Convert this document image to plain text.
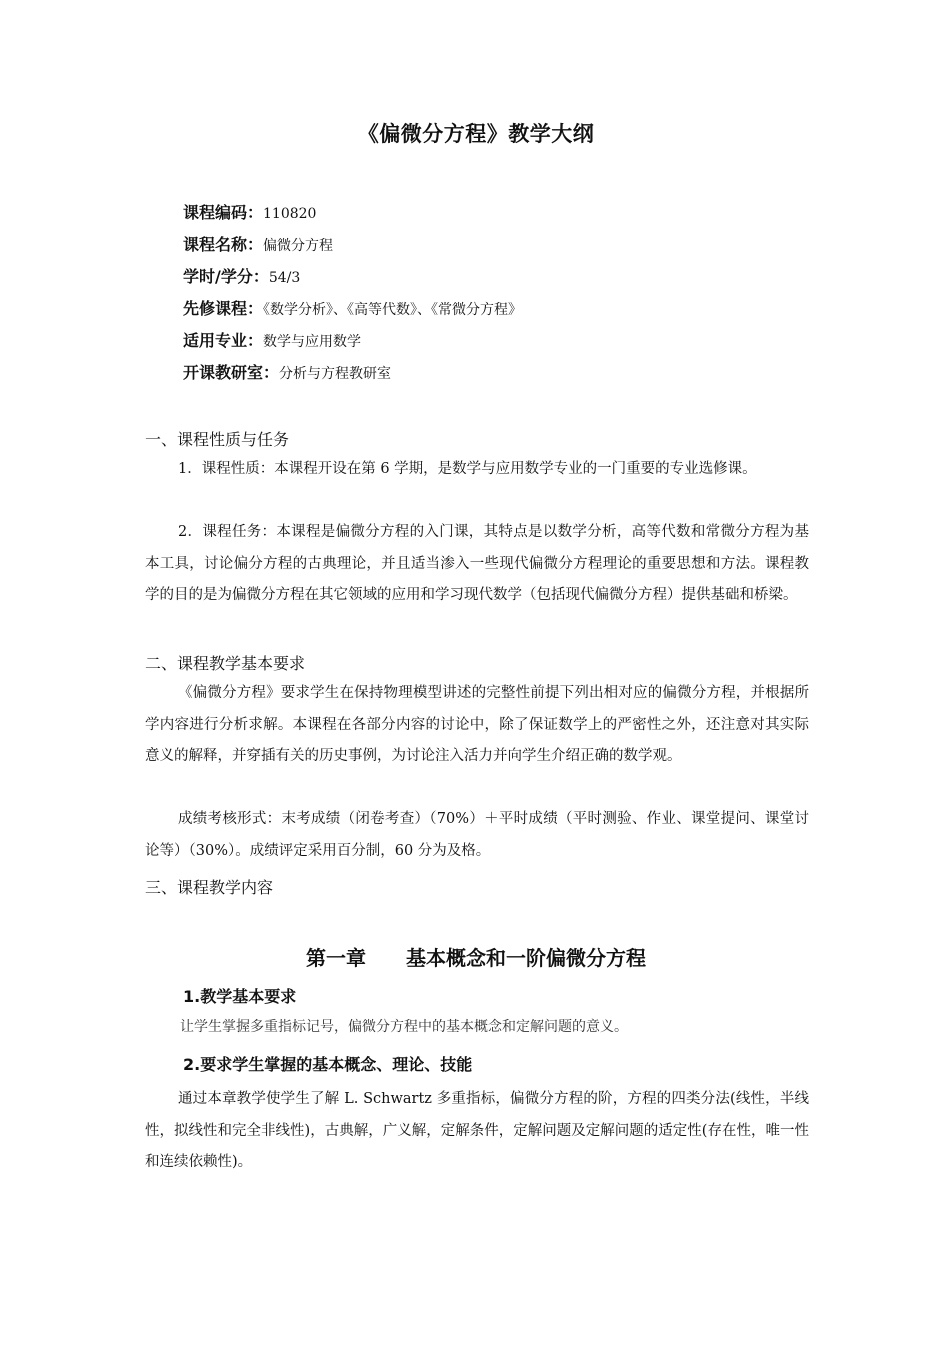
《偏微分方程》教学大纲
课程编码：110820
课程名称：偏微分方程
学时/学分：54/3
先修课程：《数学分析》、《高等代数》、《常微分方程》
适用专业：数学与应用数学
开课教研室：分析与方程教研室
一、课程性质与任务
1．课程性质：本课程开设在第 6 学期，是数学与应用数学专业的一门重要的专业选修课。
2．课程任务：本课程是偏微分方程的入门课，其特点是以数学分析，高等代数和常微分方程为基本工具，讨论偏分方程的古典理论，并且适当渗入一些现代偏微分方程理论的重要思想和方法。课程教学的目的是为偏微分方程在其它领域的应用和学习现代数学（包括现代偏微分方程）提供基础和桥梁。
二、课程教学基本要求
《偏微分方程》要求学生在保持物理模型讲述的完整性前提下列出相对应的偏微分方程，并根据所学内容进行分析求解。本课程在各部分内容的讨论中，除了保证数学上的严密性之外，还注意对其实际意义的解释，并穿插有关的历史事例，为讨论注入活力并向学生介绍正确的数学观。
成绩考核形式：末考成绩（闭卷考查）（70%）＋平时成绩（平时测验、作业、课堂提问、课堂讨论等）（30%）。成绩评定采用百分制，60 分为及格。
三、课程教学内容
第一章　　基本概念和一阶偏微分方程
1.教学基本要求
让学生掌握多重指标记号，偏微分方程中的基本概念和定解问题的意义。
2.要求学生掌握的基本概念、理论、技能
通过本章教学使学生了解 L. Schwartz 多重指标，偏微分方程的阶，方程的四类分法(线性，半线性，拟线性和完全非线性)，古典解，广义解，定解条件，定解问题及定解问题的适定性(存在性，唯一性和连续依赖性)。
